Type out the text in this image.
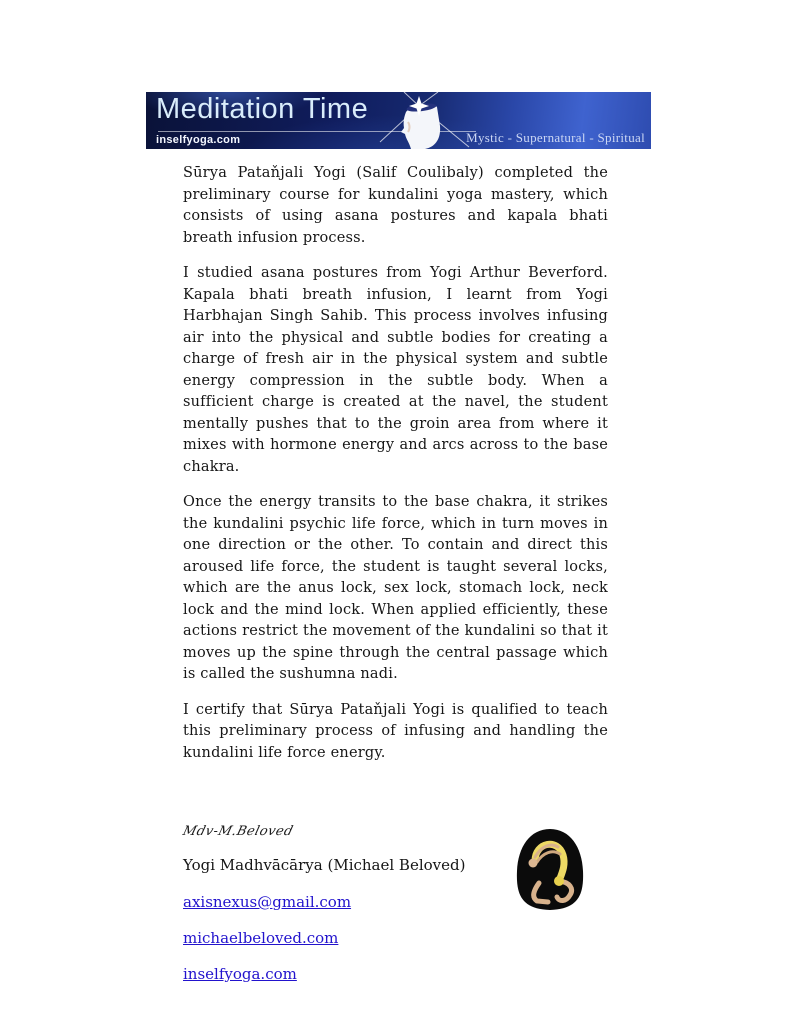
Meditation Time
inselfyoga.com	Mystic - Supernatural - Spiritual

Sūrya Pataňjali Yogi (Salif Coulibaly) completed the preliminary course for kundalini yoga mastery, which consists of using asana postures and kapala bhati breath infusion process.

I studied asana postures from Yogi Arthur Beverford. Kapala bhati breath infusion, I learnt from Yogi Harbhajan Singh Sahib. This process involves infusing air into the physical and subtle bodies for creating a charge of fresh air in the physical system and subtle energy compression in the subtle body. When a sufficient charge is created at the navel, the student mentally pushes that to the groin area from where it mixes with hormone energy and arcs across to the base chakra.

Once the energy transits to the base chakra, it strikes the kundalini psychic life force, which in turn moves in one direction or the other. To contain and direct this aroused life force, the student is taught several locks, which are the anus lock, sex lock, stomach lock, neck lock and the mind lock. When applied efficiently, these actions restrict the movement of the kundalini so that it moves up the spine through the central passage which is called the sushumna nadi.

I certify that Sūrya Pataňjali Yogi is qualified to teach this preliminary process of infusing and handling the kundalini life force energy.

Mdv-M.Beloved
Yogi Madhvācārya (Michael Beloved)
axisnexus@gmail.com
michaelbeloved.com
inselfyoga.com
